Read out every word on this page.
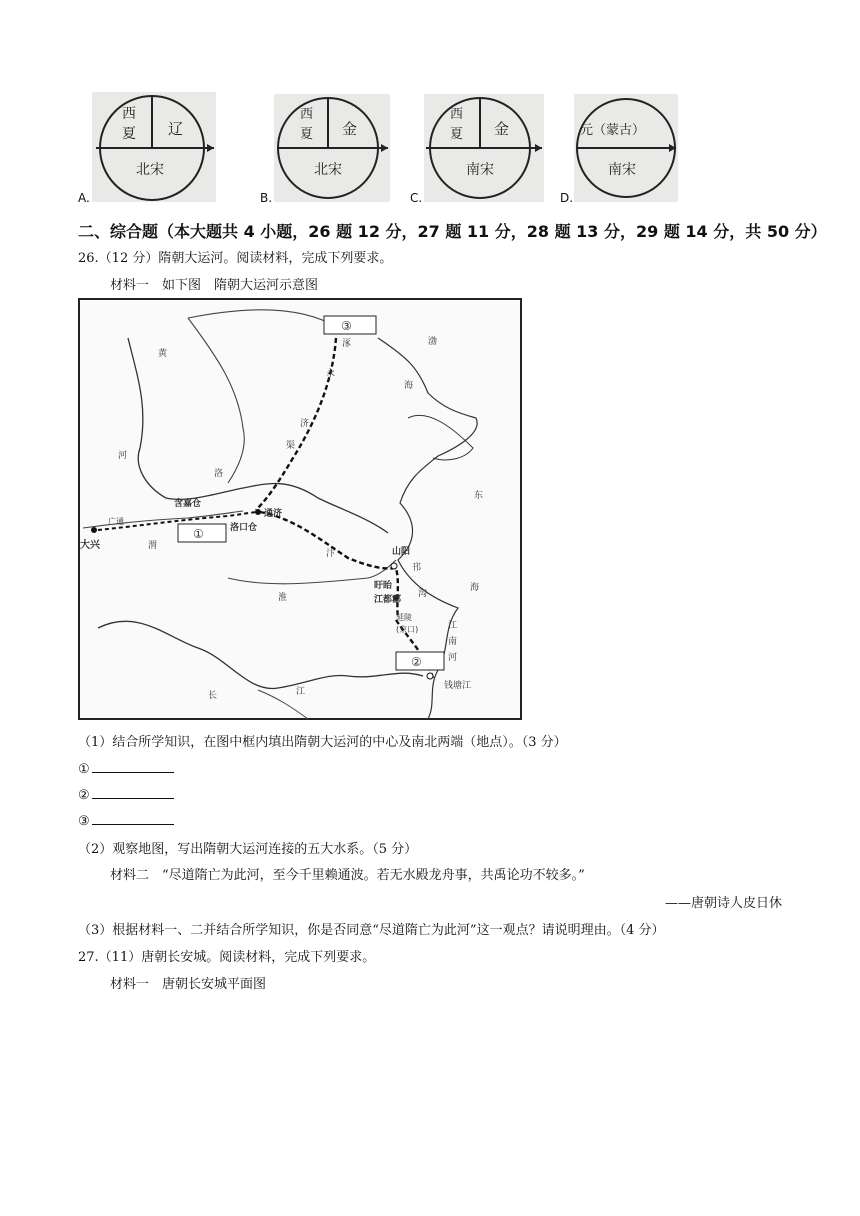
西
夏 辽
北宋
A.
西
夏 金
北宋
B.
西
夏 金
南宋
C.
元（蒙古）
南宋
D.
二、综合题（本大题共 4 小题，26 题 12 分，27 题 11 分，28 题 13 分，29 题 14 分，共 50 分）
26.（12 分）隋朝大运河。阅读材料，完成下列要求。
材料一　如下图　隋朝大运河示意图
③
①
②
黄
河
含嘉仓
洛口仓
大兴
通济
永
济
渠
汴	山阳
盱眙
江都郡
延陵
(京口)	江
南
河
钱塘江
长	江
渤
海
东
海
涿
广通
渭
洛
邗
沟
淮
（1）结合所学知识，在图中框内填出隋朝大运河的中心及南北两端（地点）。（3 分）
①
②
③
（2）观察地图，写出隋朝大运河连接的五大水系。（5 分）
材料二　“尽道隋亡为此河，至今千里赖通波。若无水殿龙舟事，共禹论功不较多。”
——唐朝诗人皮日休
（3）根据材料一、二并结合所学知识，你是否同意“尽道隋亡为此河”这一观点？请说明理由。（4 分）
27.（11）唐朝长安城。阅读材料，完成下列要求。
材料一　唐朝长安城平面图
